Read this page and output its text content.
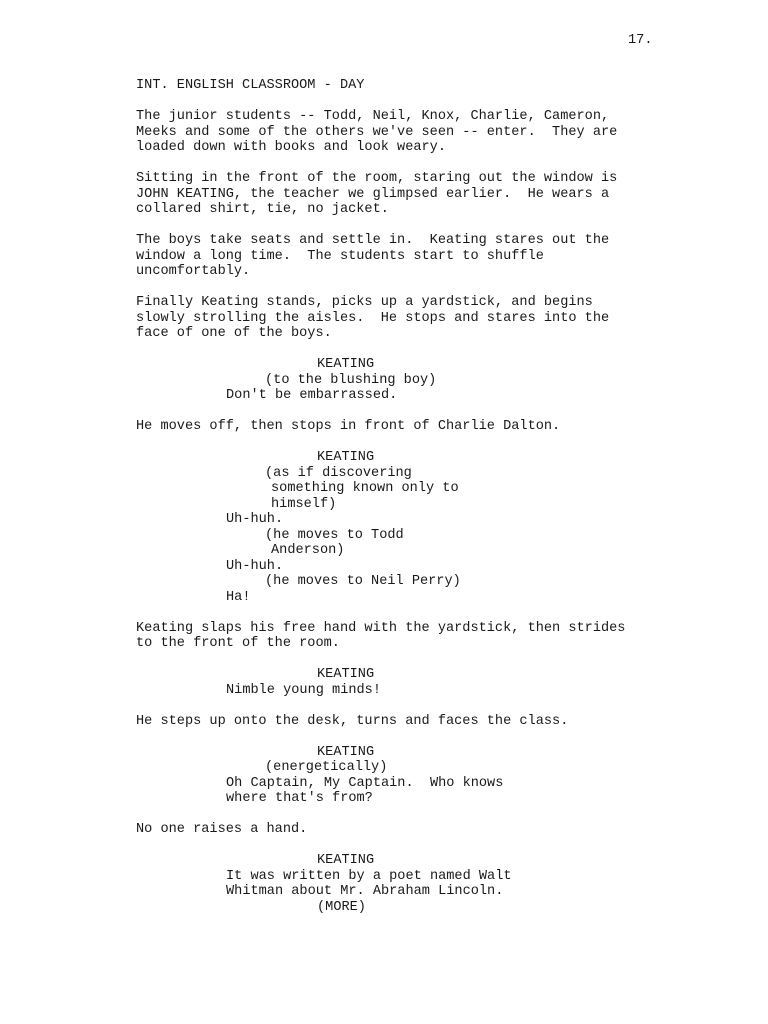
17.
INT. ENGLISH CLASSROOM - DAY
The junior students -- Todd, Neil, Knox, Charlie, Cameron,
Meeks and some of the others we've seen -- enter.  They are
loaded down with books and look weary.
Sitting in the front of the room, staring out the window is
JOHN KEATING, the teacher we glimpsed earlier.  He wears a
collared shirt, tie, no jacket.
The boys take seats and settle in.  Keating stares out the
window a long time.  The students start to shuffle
uncomfortably.
Finally Keating stands, picks up a yardstick, and begins
slowly strolling the aisles.  He stops and stares into the
face of one of the boys.
KEATING
(to the blushing boy)
Don't be embarrassed.
He moves off, then stops in front of Charlie Dalton.
KEATING
(as if discovering
something known only to
himself)
Uh-huh.
(he moves to Todd
Anderson)
Uh-huh.
(he moves to Neil Perry)
Ha!
Keating slaps his free hand with the yardstick, then strides
to the front of the room.
KEATING
Nimble young minds!
He steps up onto the desk, turns and faces the class.
KEATING
(energetically)
Oh Captain, My Captain.  Who knows
where that's from?
No one raises a hand.
KEATING
It was written by a poet named Walt
Whitman about Mr. Abraham Lincoln.
(MORE)
